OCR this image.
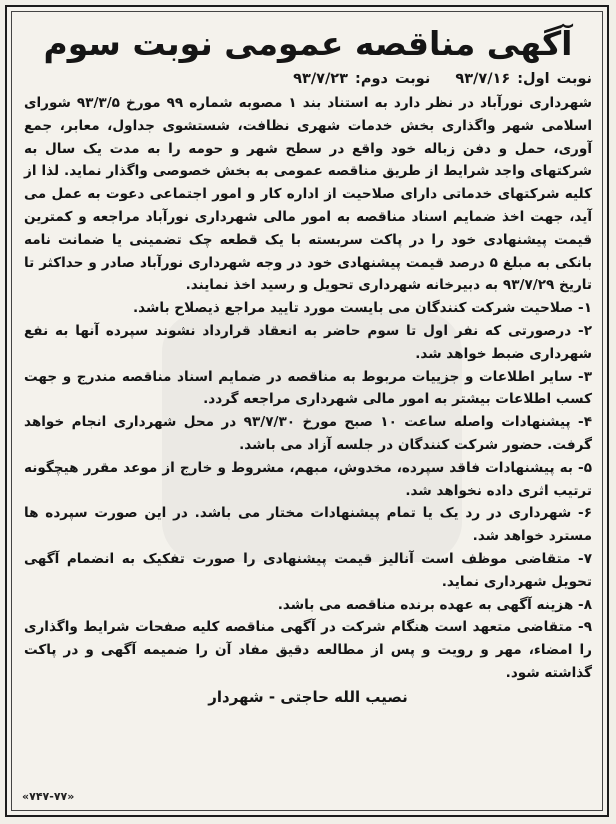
آگهی مناقصه عمومی نوبت سوم
نوبت اول: ۹۳/۷/۱۶ نوبت دوم: ۹۳/۷/۲۳
شهرداری نورآباد در نظر دارد به استناد بند ۱ مصوبه شماره ۹۹ مورخ ۹۳/۳/۵ شورای اسلامی شهر واگذاری بخش خدمات شهری نظافت، شستشوی جداول، معابر، جمع آوری، حمل و دفن زباله خود واقع در سطح شهر و حومه را به مدت یک سال به شرکتهای واجد شرایط از طریق مناقصه عمومی به بخش خصوصی واگذار نماید. لذا از کلیه شرکتهای خدماتی دارای صلاحیت از اداره کار و امور اجتماعی دعوت به عمل می آید، جهت اخذ ضمایم اسناد مناقصه به امور مالی شهرداری نورآباد مراجعه و کمترین قیمت پیشنهادی خود را در پاکت سربسته با یک قطعه چک تضمینی یا ضمانت نامه بانکی به مبلغ ۵ درصد قیمت پیشنهادی خود در وجه شهرداری نورآباد صادر و حداکثر تا تاریخ ۹۳/۷/۲۹ به دبیرخانه شهرداری تحویل و رسید اخذ نمایند.
۱- صلاحیت شرکت کنندگان می بایست مورد تایید مراجع ذیصلاح باشد.
۲- درصورتی که نفر اول تا سوم حاضر به انعقاد قرارداد نشوند سپرده آنها به نفع شهرداری ضبط خواهد شد.
۳- سایر اطلاعات و جزییات مربوط به مناقصه در ضمایم اسناد مناقصه مندرج و جهت کسب اطلاعات بیشتر به امور مالی شهرداری مراجعه گردد.
۴- پیشنهادات واصله ساعت ۱۰ صبح مورخ ۹۳/۷/۳۰ در محل شهرداری انجام خواهد گرفت. حضور شرکت کنندگان در جلسه آزاد می باشد.
۵- به پیشنهادات فاقد سپرده، مخدوش، مبهم، مشروط و خارج از موعد مقرر هیچگونه ترتیب اثری داده نخواهد شد.
۶- شهرداری در رد یک یا تمام پیشنهادات مختار می باشد. در این صورت سپرده ها مسترد خواهد شد.
۷- متقاضی موظف است آنالیز قیمت پیشنهادی را صورت تفکیک به انضمام آگهی تحویل شهرداری نماید.
۸- هزینه آگهی به عهده برنده مناقصه می باشد.
۹- متقاضی متعهد است هنگام شرکت در آگهی مناقصه کلیه صفحات شرایط واگذاری را امضاء، مهر و رویت و پس از مطالعه دقیق مفاد آن را ضمیمه آگهی و در پاکت گذاشته شود.
نصیب الله حاجتی - شهردار
«۷۴۷-۷۷»
